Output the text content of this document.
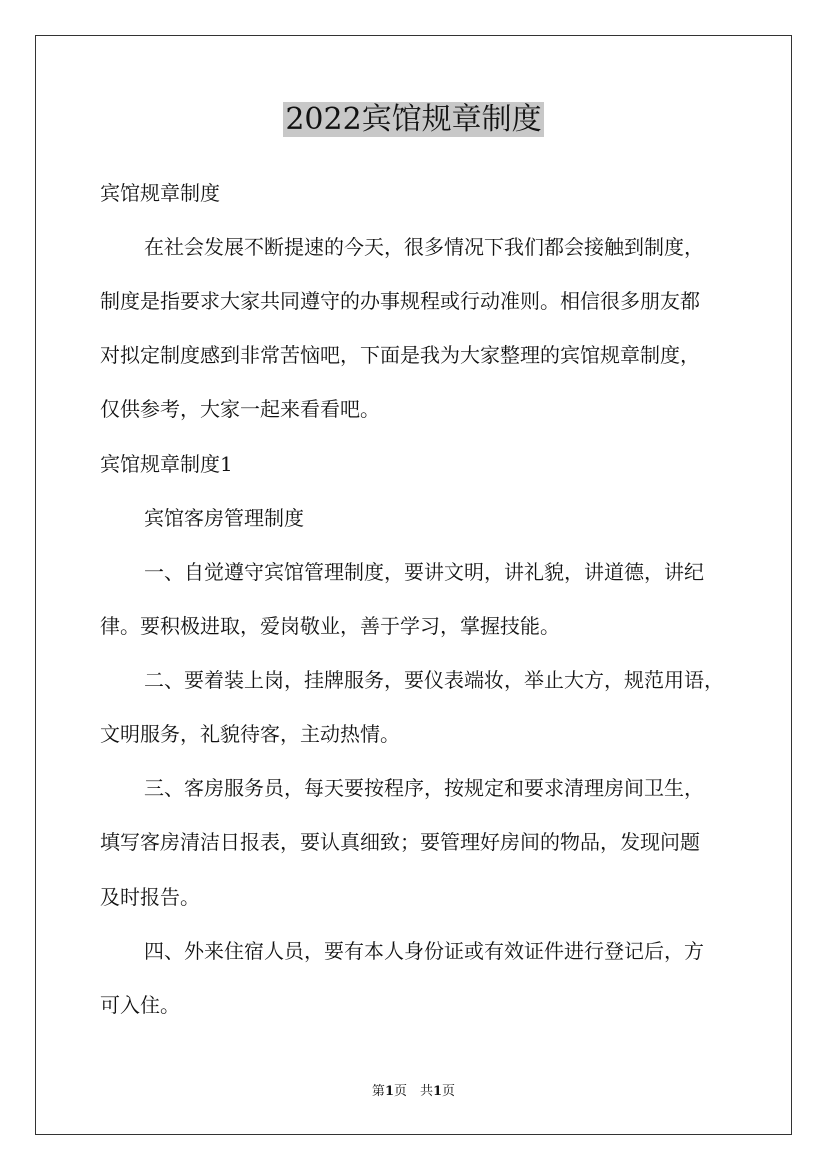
2022宾馆规章制度
宾馆规章制度
在社会发展不断提速的今天，很多情况下我们都会接触到制度，
制度是指要求大家共同遵守的办事规程或行动准则。相信很多朋友都
对拟定制度感到非常苦恼吧，下面是我为大家整理的宾馆规章制度，
仅供参考，大家一起来看看吧。
宾馆规章制度1
宾馆客房管理制度
一、自觉遵守宾馆管理制度，要讲文明，讲礼貌，讲道德，讲纪
律。要积极进取，爱岗敬业，善于学习，掌握技能。
二、要着装上岗，挂牌服务，要仪表端妆，举止大方，规范用语，
文明服务，礼貌待客，主动热情。
三、客房服务员，每天要按程序，按规定和要求清理房间卫生，
填写客房清洁日报表，要认真细致；要管理好房间的物品，发现问题
及时报告。
四、外来住宿人员，要有本人身份证或有效证件进行登记后，方
可入住。
第1页　共1页
